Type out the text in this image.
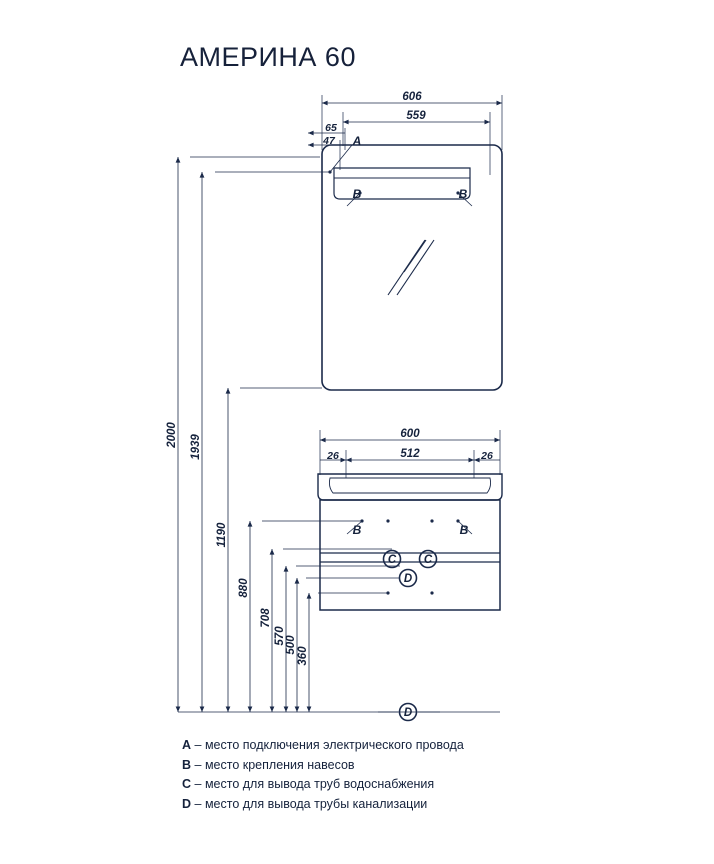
АМЕРИНА 60
606
559
65
47 A
B	B
600
512
26	26
B	B
C C
D
D
2000 1939
1190
880
708
570 500
360
A – место подключения электрического провода
B – место крепления навесов
C – место для вывода труб водоснабжения
D – место для вывода трубы канализации
